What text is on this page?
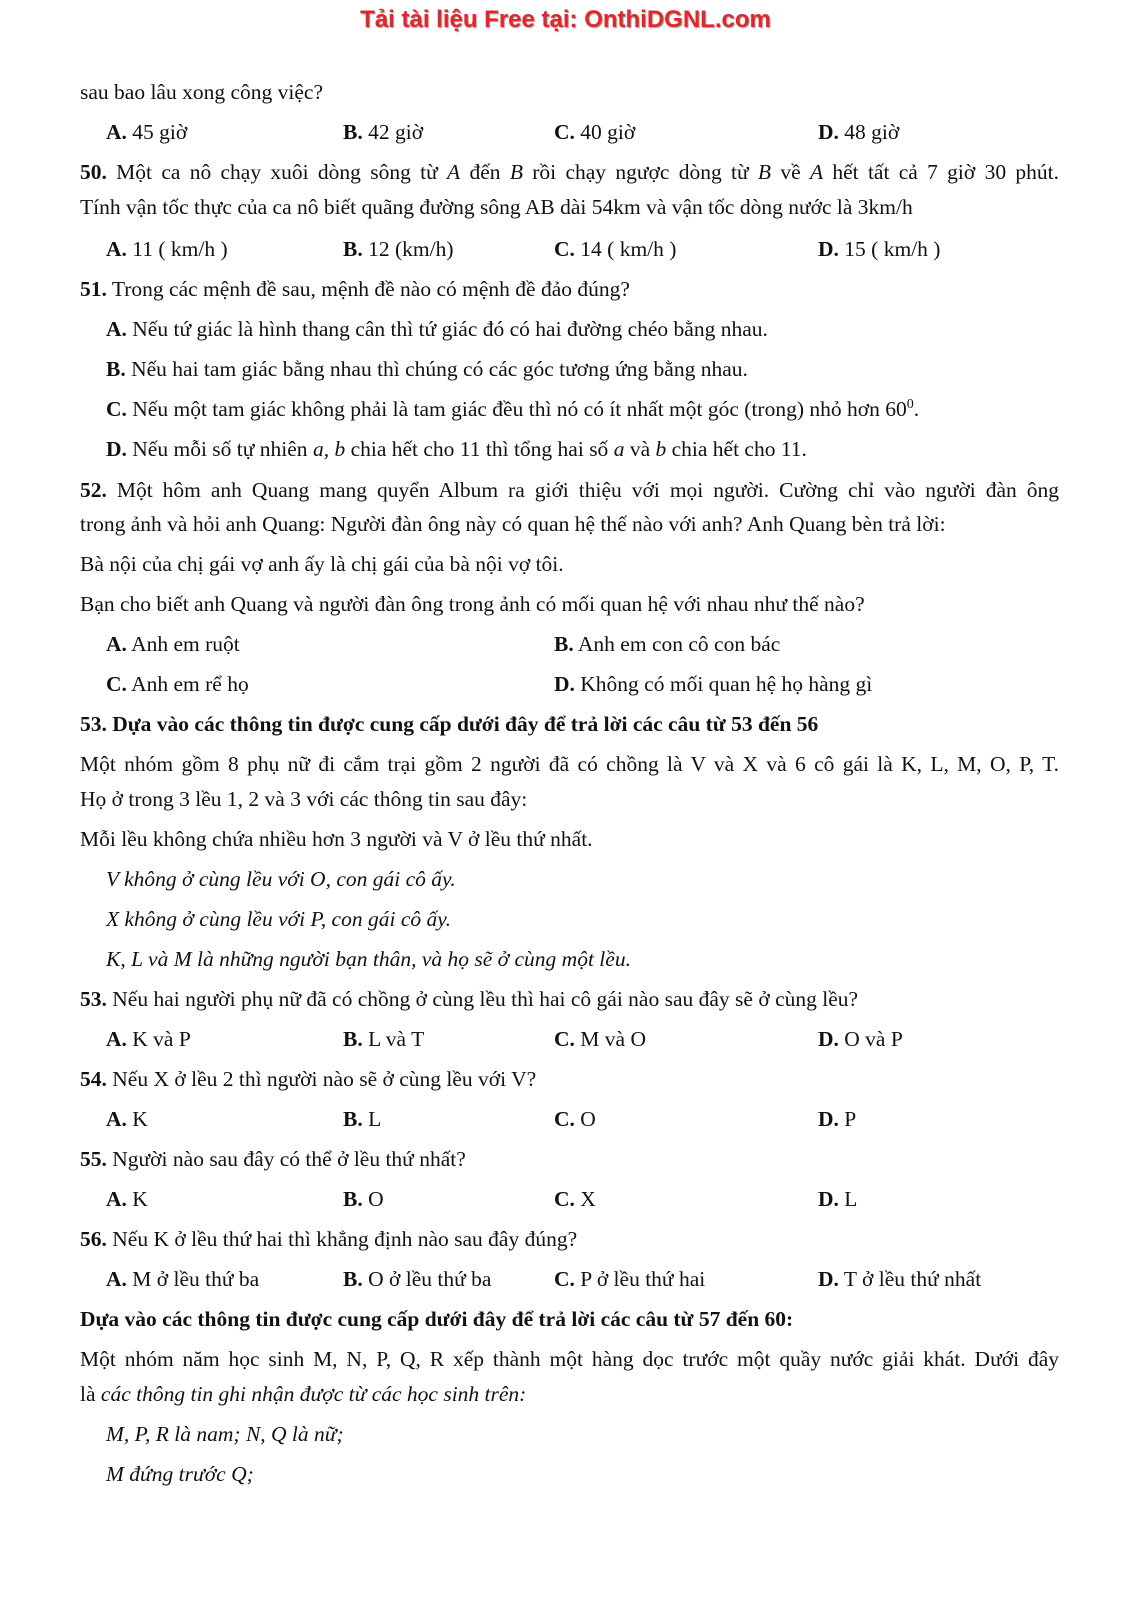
Tải tài liệu Free tại: OnthiDGNL.com
sau bao lâu xong công việc?
A. 45 giờ	B. 42 giờ	C. 40 giờ	D. 48 giờ
50. Một ca nô chạy xuôi dòng sông từ A đến B rồi chạy ngược dòng từ B về A hết tất cả 7 giờ 30 phút.
Tính vận tốc thực của ca nô biết quãng đường sông AB dài 54km và vận tốc dòng nước là 3km/h
A. 11 ( km/h )	B. 12 (km/h)	C. 14 ( km/h )	D. 15 ( km/h )
51. Trong các mệnh đề sau, mệnh đề nào có mệnh đề đảo đúng?
A. Nếu tứ giác là hình thang cân thì tứ giác đó có hai đường chéo bằng nhau.
B. Nếu hai tam giác bằng nhau thì chúng có các góc tương ứng bằng nhau.
C. Nếu một tam giác không phải là tam giác đều thì nó có ít nhất một góc (trong) nhỏ hơn $60^0$.
D. Nếu mỗi số tự nhiên a, b chia hết cho 11 thì tổng hai số a và b chia hết cho 11.
52. Một hôm anh Quang mang quyển Album ra giới thiệu với mọi người. Cường chỉ vào người đàn ông
trong ảnh và hỏi anh Quang: Người đàn ông này có quan hệ thế nào với anh? Anh Quang bèn trả lời:
Bà nội của chị gái vợ anh ấy là chị gái của bà nội vợ tôi.
Bạn cho biết anh Quang và người đàn ông trong ảnh có mối quan hệ với nhau như thế nào?
A. Anh em ruột	B. Anh em con cô con bác
C. Anh em rể họ	D. Không có mối quan hệ họ hàng gì
53. Dựa vào các thông tin được cung cấp dưới đây để trả lời các câu từ 53 đến 56
Một nhóm gồm 8 phụ nữ đi cắm trại gồm 2 người đã có chồng là V và X và 6 cô gái là K, L, M, O, P, T.
Họ ở trong 3 lều 1, 2 và 3 với các thông tin sau đây:
Mỗi lều không chứa nhiều hơn 3 người và V ở lều thứ nhất.
V không ở cùng lều với O, con gái cô ấy.
X không ở cùng lều với P, con gái cô ấy.
K, L và M là những người bạn thân, và họ sẽ ở cùng một lều.
53. Nếu hai người phụ nữ đã có chồng ở cùng lều thì hai cô gái nào sau đây sẽ ở cùng lều?
A. K và P	B. L và T	C. M và O	D. O và P
54. Nếu X ở lều 2 thì người nào sẽ ở cùng lều với V?
A. K	B. L	C. O	D. P
55. Người nào sau đây có thể ở lều thứ nhất?
A. K	B. O	C. X	D. L
56. Nếu K ở lều thứ hai thì khẳng định nào sau đây đúng?
A. M ở lều thứ ba	B. O ở lều thứ ba	C. P ở lều thứ hai	D. T ở lều thứ nhất
Dựa vào các thông tin được cung cấp dưới đây để trả lời các câu từ 57 đến 60:
Một nhóm năm học sinh M, N, P, Q, R xếp thành một hàng dọc trước một quầy nước giải khát. Dưới đây
là các thông tin ghi nhận được từ các học sinh trên:
M, P, R là nam; N, Q là nữ;
M đứng trước Q;
